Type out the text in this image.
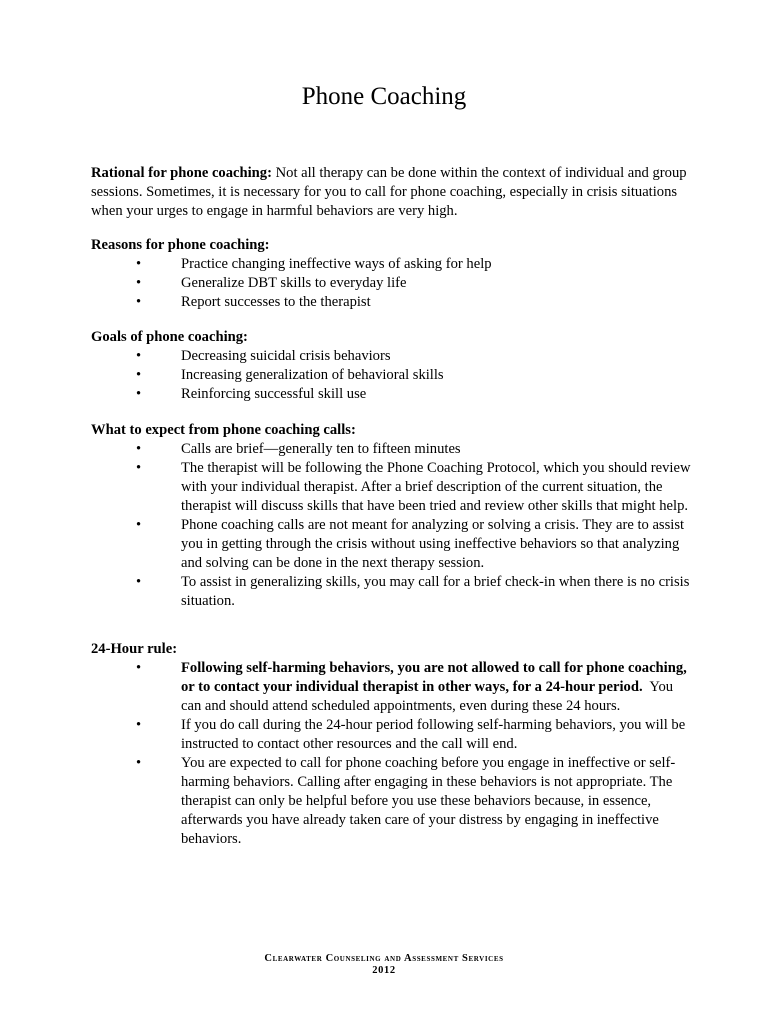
Phone Coaching

Rational for phone coaching: Not all therapy can be done within the context of individual and group sessions. Sometimes, it is necessary for you to call for phone coaching, especially in crisis situations when your urges to engage in harmful behaviors are very high.

Reasons for phone coaching:

•	Practice changing ineffective ways of asking for help
•	Generalize DBT skills to everyday life
•	Report successes to the therapist

Goals of phone coaching:

•	Decreasing suicidal crisis behaviors
•	Increasing generalization of behavioral skills
•	Reinforcing successful skill use

What to expect from phone coaching calls:

•	Calls are brief—generally ten to fifteen minutes
•	The therapist will be following the Phone Coaching Protocol, which you should review with your individual therapist. After a brief description of the current situation, the therapist will discuss skills that have been tried and review other skills that might help.
•	Phone coaching calls are not meant for analyzing or solving a crisis. They are to assist you in getting through the crisis without using ineffective behaviors so that analyzing and solving can be done in the next therapy session.
•	To assist in generalizing skills, you may call for a brief check-in when there is no crisis situation.

24-Hour rule:

•	Following self-harming behaviors, you are not allowed to call for phone coaching, or to contact your individual therapist in other ways, for a 24-hour period.  You can and should attend scheduled appointments, even during these 24 hours.
•	If you do call during the 24-hour period following self-harming behaviors, you will be instructed to contact other resources and the call will end.
•	You are expected to call for phone coaching before you engage in ineffective or self-harming behaviors. Calling after engaging in these behaviors is not appropriate. The therapist can only be helpful before you use these behaviors because, in essence, afterwards you have already taken care of your distress by engaging in ineffective behaviors.
Clearwater Counseling and Assessment Services
2012
